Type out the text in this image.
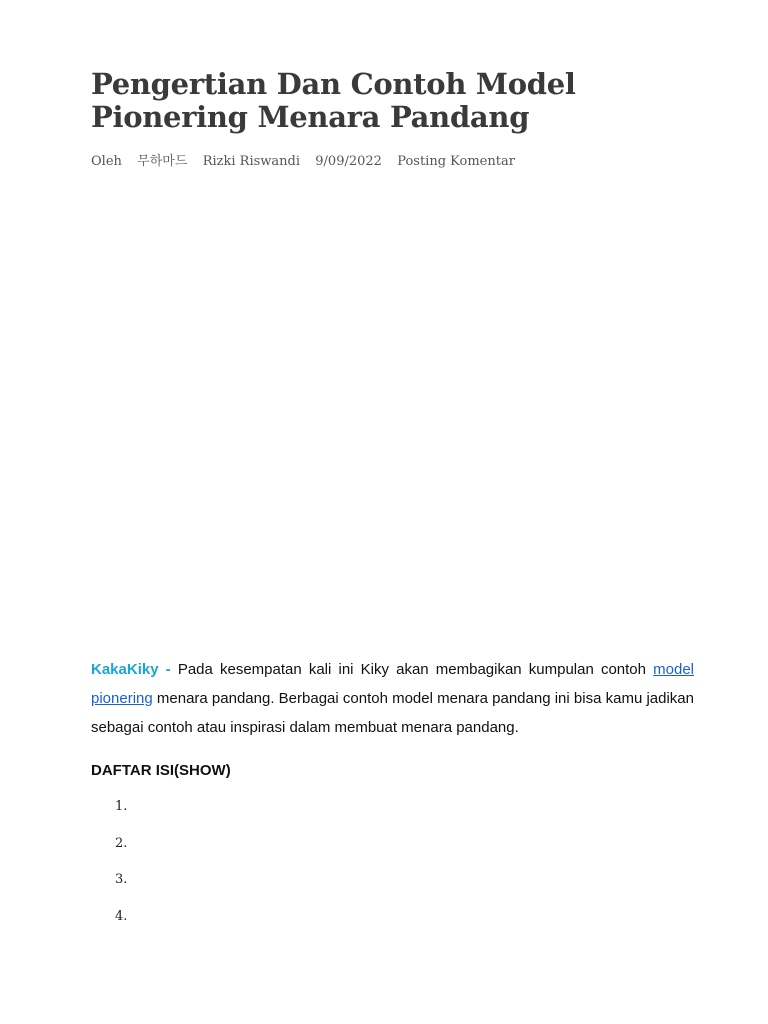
Pengertian Dan Contoh Model Pionering Menara Pandang
Oleh 무하마드 Rizki Riswandi 9/09/2022 Posting Komentar

KakaKiky - Pada kesempatan kali ini Kiky akan membagikan kumpulan contoh model pionering menara pandang. Berbagai contoh model menara pandang ini bisa kamu jadikan sebagai contoh atau inspirasi dalam membuat menara pandang.

DAFTAR ISI(SHOW)
1.
2.
3.
4.
